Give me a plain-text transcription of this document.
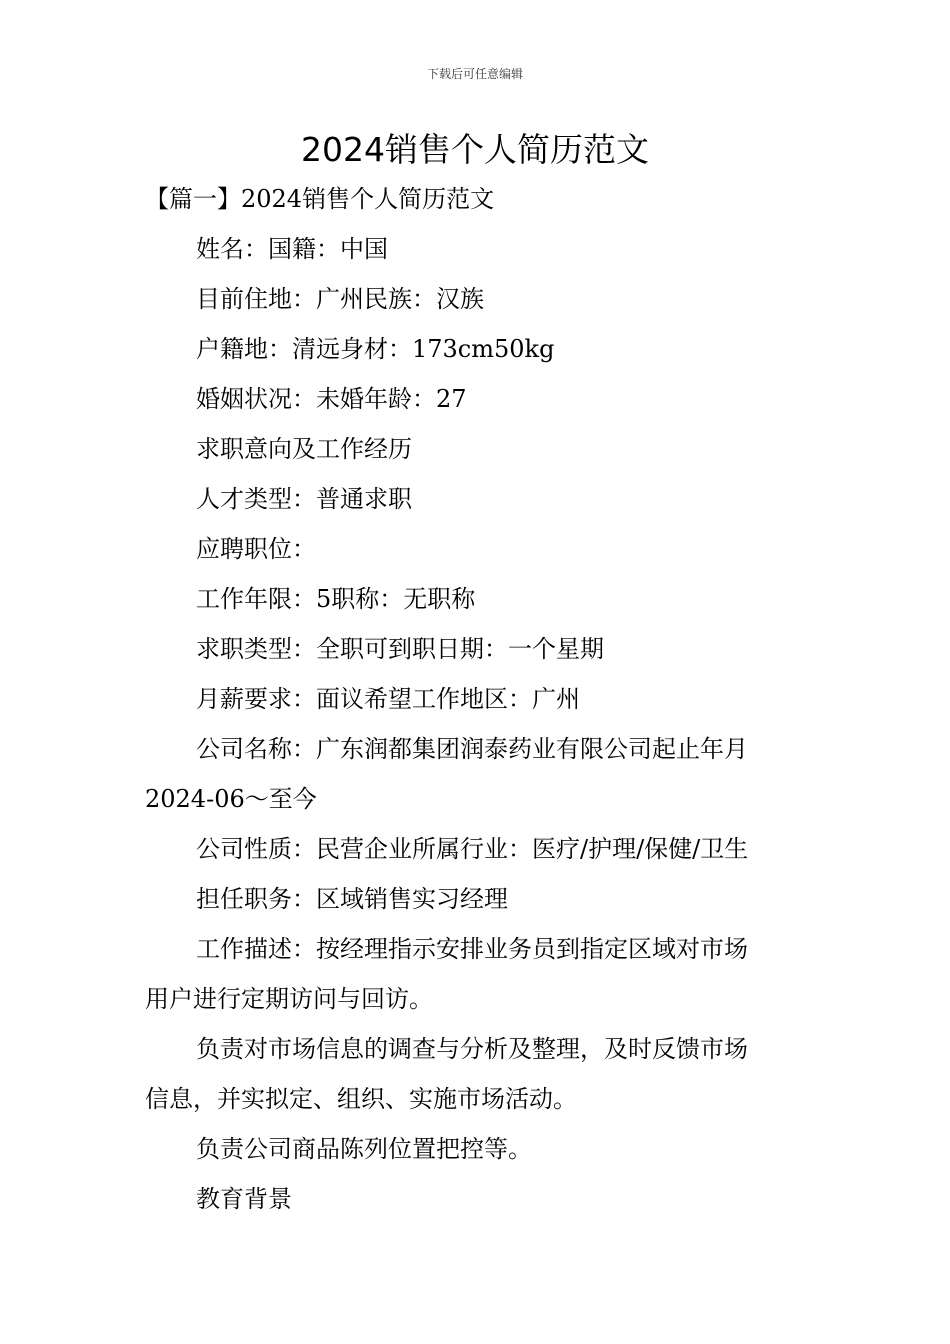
下载后可任意编辑
2024销售个人简历范文
【篇一】2024销售个人简历范文
姓名：国籍：中国
目前住地：广州民族：汉族
户籍地：清远身材：173cm50kg
婚姻状况：未婚年龄：27
求职意向及工作经历
人才类型：普通求职
应聘职位：
工作年限：5职称：无职称
求职类型：全职可到职日期：一个星期
月薪要求：面议希望工作地区：广州
公司名称：广东润都集团润泰药业有限公司起止年月
2024-06～至今
公司性质：民营企业所属行业：医疗/护理/保健/卫生
担任职务：区域销售实习经理
工作描述：按经理指示安排业务员到指定区域对市场
用户进行定期访问与回访。
负责对市场信息的调查与分析及整理，及时反馈市场
信息，并实拟定、组织、实施市场活动。
负责公司商品陈列位置把控等。
教育背景
